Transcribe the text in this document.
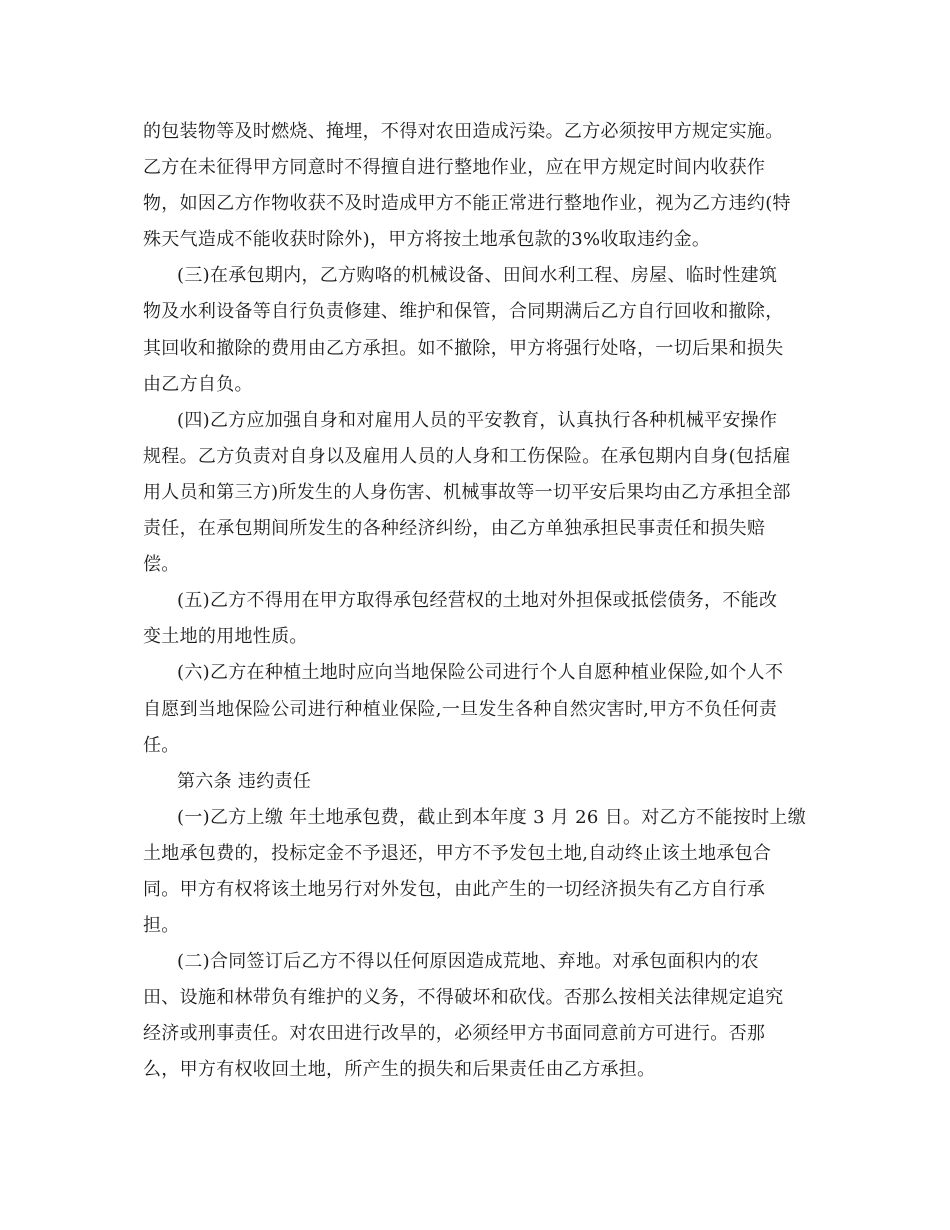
的包装物等及时燃烧、掩埋，不得对农田造成污染。乙方必须按甲方规定实施。
乙方在未征得甲方同意时不得擅自进行整地作业，应在甲方规定时间内收获作
物，如因乙方作物收获不及时造成甲方不能正常进行整地作业，视为乙方违约(特
殊天气造成不能收获时除外)，甲方将按土地承包款的3%收取违约金。
(三)在承包期内，乙方购咯的机械设备、田间水利工程、房屋、临时性建筑
物及水利设备等自行负责修建、维护和保管，合同期满后乙方自行回收和撤除，
其回收和撤除的费用由乙方承担。如不撤除，甲方将强行处咯，一切后果和损失
由乙方自负。
(四)乙方应加强自身和对雇用人员的平安教育，认真执行各种机械平安操作
规程。乙方负责对自身以及雇用人员的人身和工伤保险。在承包期内自身(包括雇
用人员和第三方)所发生的人身伤害、机械事故等一切平安后果均由乙方承担全部
责任，在承包期间所发生的各种经济纠纷，由乙方单独承担民事责任和损失赔
偿。
(五)乙方不得用在甲方取得承包经营权的土地对外担保或抵偿债务，不能改
变土地的用地性质。
(六)乙方在种植土地时应向当地保险公司进行个人自愿种植业保险,如个人不
自愿到当地保险公司进行种植业保险,一旦发生各种自然灾害时,甲方不负任何责
任。
第六条 违约责任
(一)乙方上缴 年土地承包费，截止到本年度 3 月 26 日。对乙方不能按时上缴
土地承包费的，投标定金不予退还，甲方不予发包土地,自动终止该土地承包合
同。甲方有权将该土地另行对外发包，由此产生的一切经济损失有乙方自行承
担。
(二)合同签订后乙方不得以任何原因造成荒地、弃地。对承包面积内的农
田、设施和林带负有维护的义务，不得破坏和砍伐。否那么按相关法律规定追究
经济或刑事责任。对农田进行改旱的，必须经甲方书面同意前方可进行。否那
么，甲方有权收回土地，所产生的损失和后果责任由乙方承担。
